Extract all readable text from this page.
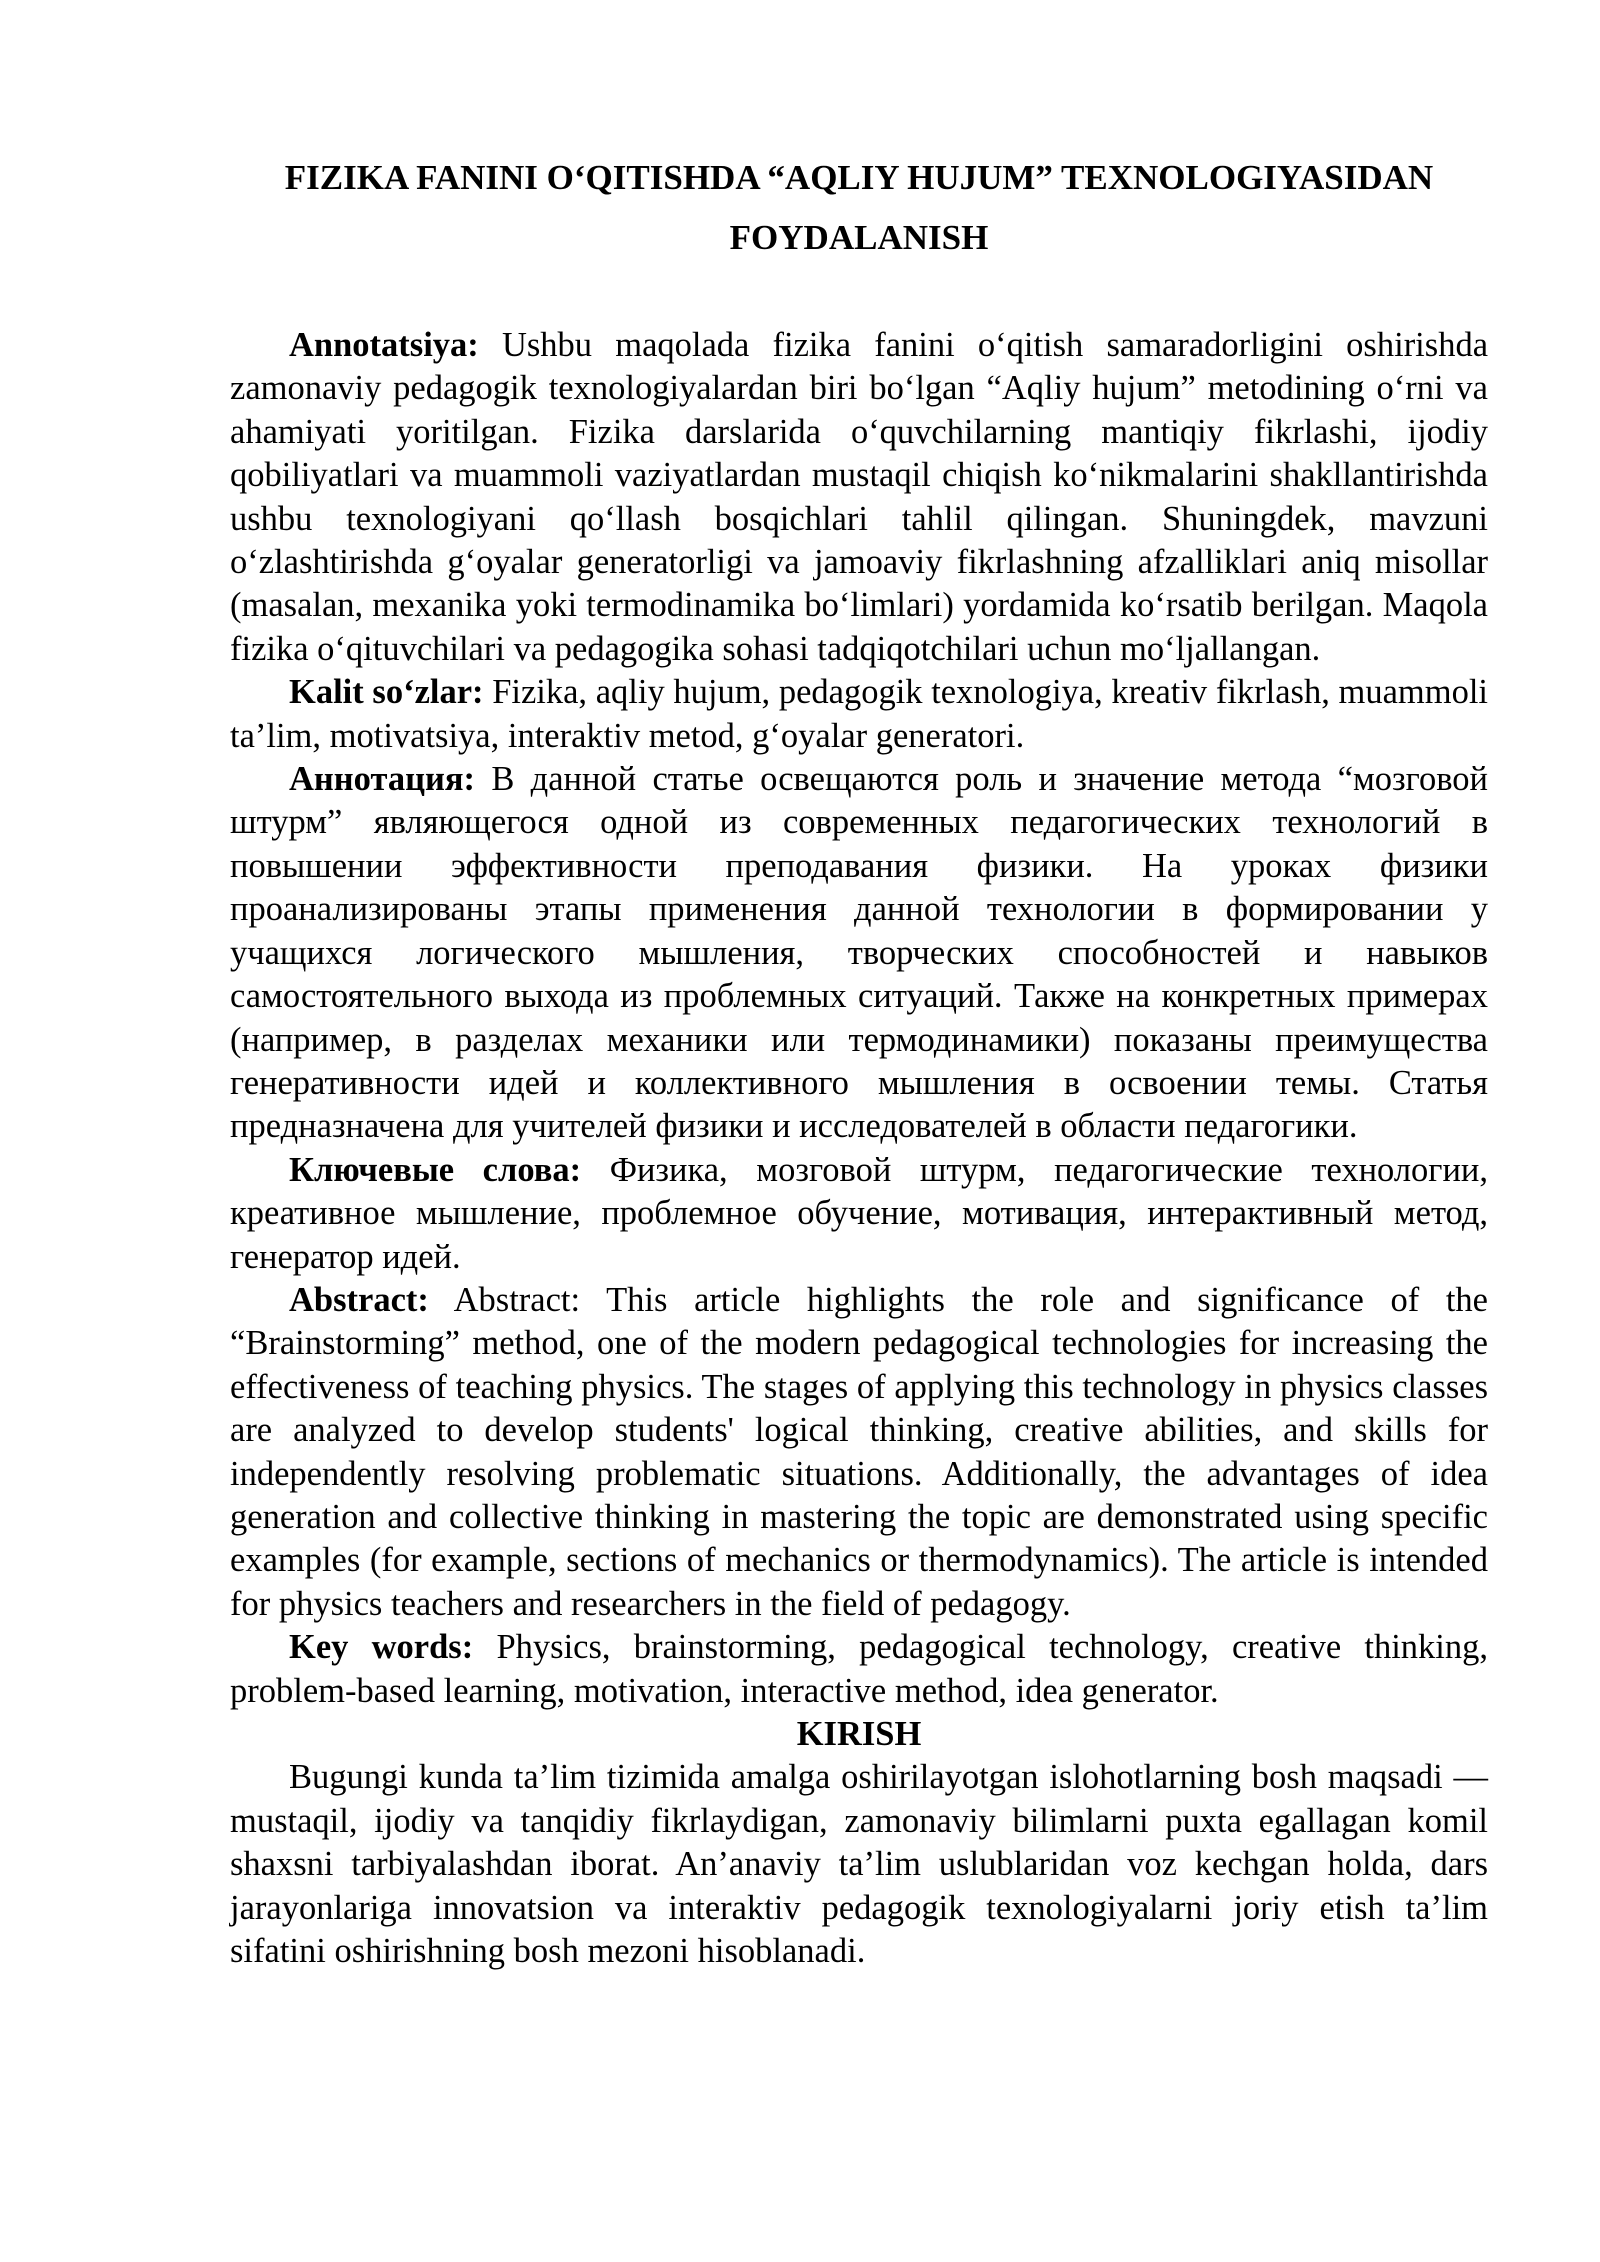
FIZIKA FANINI O‘QITISHDA “AQLIY HUJUM” TEXNOLOGIYASIDAN
FOYDALANISH

Annotatsiya: Ushbu maqolada fizika fanini o‘qitish samaradorligini oshirishda zamonaviy pedagogik texnologiyalardan biri bo‘lgan “Aqliy hujum” metodining o‘rni va ahamiyati yoritilgan. Fizika darslarida o‘quvchilarning mantiqiy fikrlashi, ijodiy qobiliyatlari va muammoli vaziyatlardan mustaqil chiqish ko‘nikmalarini shakllantirishda ushbu texnologiyani qo‘llash bosqichlari tahlil qilingan. Shuningdek, mavzuni o‘zlashtirishda g‘oyalar generatorligi va jamoaviy fikrlashning afzalliklari aniq misollar (masalan, mexanika yoki termodinamika bo‘limlari) yordamida ko‘rsatib berilgan. Maqola fizika o‘qituvchilari va pedagogika sohasi tadqiqotchilari uchun mo‘ljallangan.

Kalit so‘zlar: Fizika, aqliy hujum, pedagogik texnologiya, kreativ fikrlash, muammoli ta’lim, motivatsiya, interaktiv metod, g‘oyalar generatori.

Аннотация: В данной статье освещаются роль и значение метода “мозговой штурм” являющегося одной из современных педагогических технологий в повышении эффективности преподавания физики. На уроках физики проанализированы этапы применения данной технологии в формировании у учащихся логического мышления, творческих способностей и навыков самостоятельного выхода из проблемных ситуаций. Также на конкретных примерах (например, в разделах механики или термодинамики) показаны преимущества генеративности идей и коллективного мышления в освоении темы. Статья предназначена для учителей физики и исследователей в области педагогики.

Ключевые слова: Физика, мозговой штурм, педагогические технологии, креативное мышление, проблемное обучение, мотивация, интерактивный метод, генератор идей.

Abstract: Abstract: This article highlights the role and significance of the “Brainstorming” method, one of the modern pedagogical technologies for increasing the effectiveness of teaching physics. The stages of applying this technology in physics classes are analyzed to develop students' logical thinking, creative abilities, and skills for independently resolving problematic situations. Additionally, the advantages of idea generation and collective thinking in mastering the topic are demonstrated using specific examples (for example, sections of mechanics or thermodynamics). The article is intended for physics teachers and researchers in the field of pedagogy.

Key words: Physics, brainstorming, pedagogical technology, creative thinking, problem-based learning, motivation, interactive method, idea generator.

KIRISH

Bugungi kunda ta’lim tizimida amalga oshirilayotgan islohotlarning bosh maqsadi — mustaqil, ijodiy va tanqidiy fikrlaydigan, zamonaviy bilimlarni puxta egallagan komil shaxsni tarbiyalashdan iborat. An’anaviy ta’lim uslublaridan voz kechgan holda, dars jarayonlariga innovatsion va interaktiv pedagogik texnologiyalarni joriy etish ta’lim sifatini oshirishning bosh mezoni hisoblanadi.
